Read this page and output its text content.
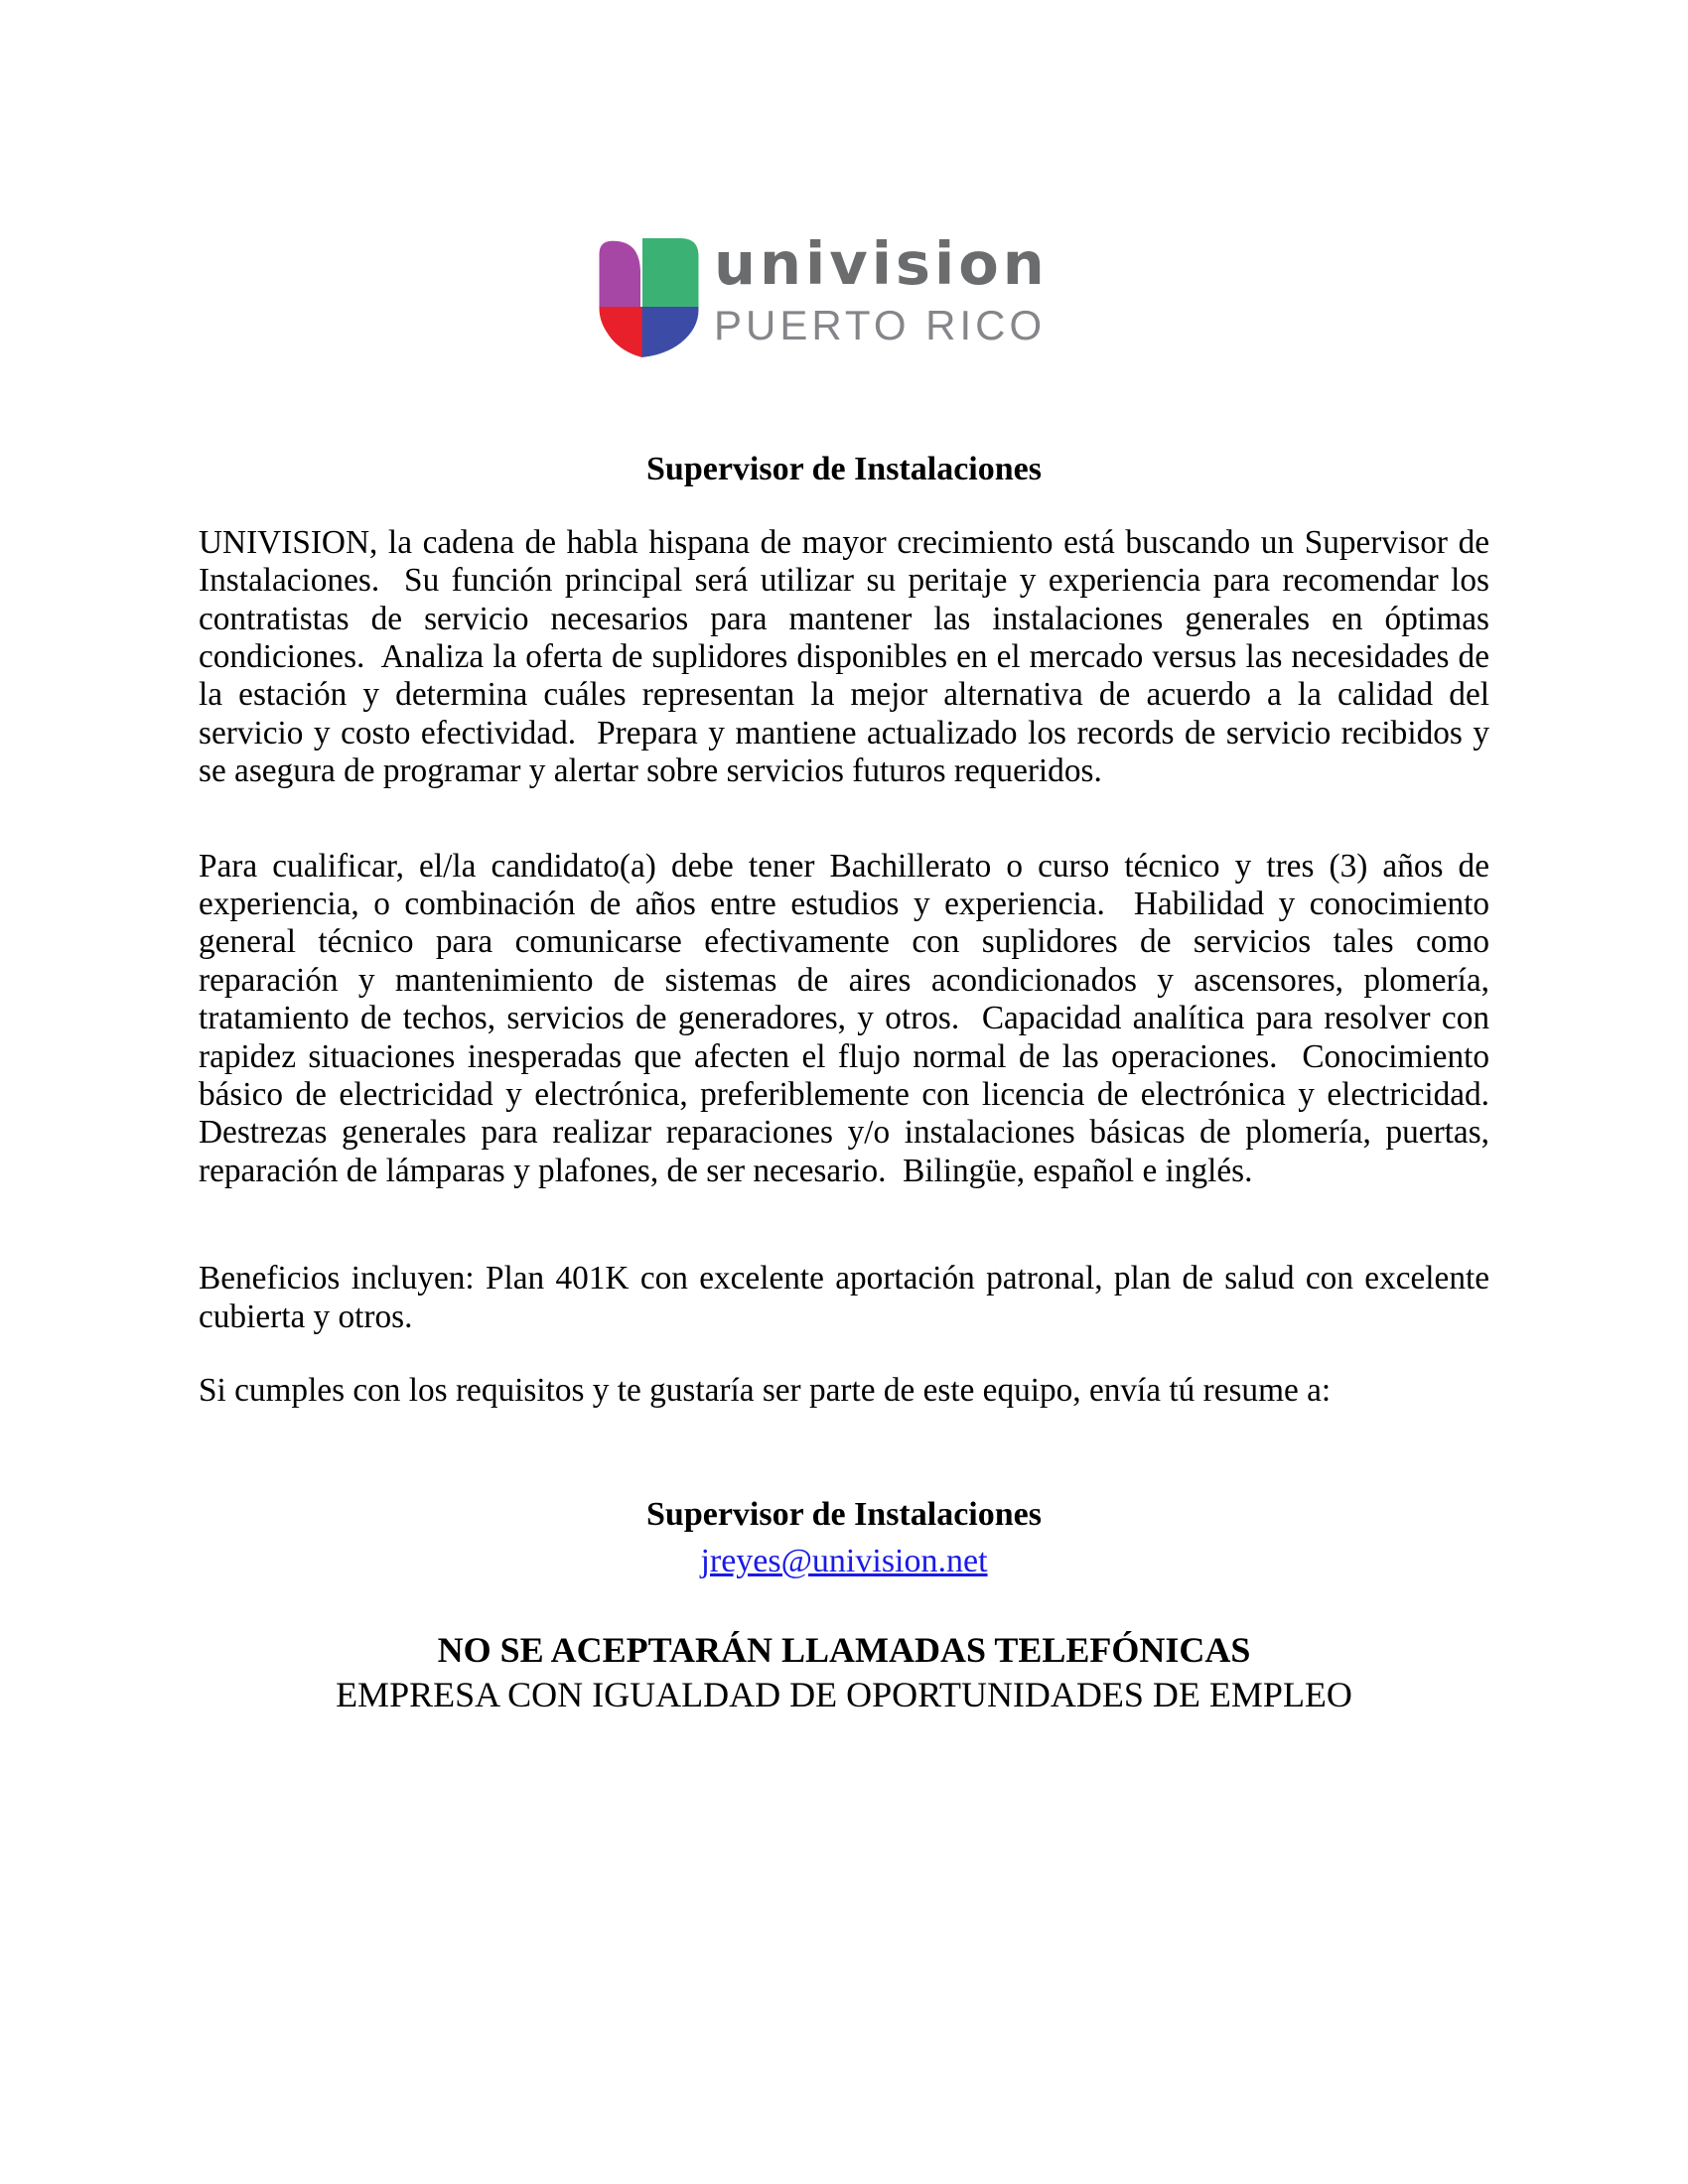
univision
PUERTO RICO
Supervisor de Instalaciones
UNIVISION, la cadena de habla hispana de mayor crecimiento está buscando un Supervisor de Instalaciones.  Su función principal será utilizar su peritaje y experiencia para recomendar los contratistas de servicio necesarios para mantener las instalaciones generales en óptimas condiciones.  Analiza la oferta de suplidores disponibles en el mercado versus las necesidades de la estación y determina cuáles representan la mejor alternativa de acuerdo a la calidad del servicio y costo efectividad.  Prepara y mantiene actualizado los records de servicio recibidos y se asegura de programar y alertar sobre servicios futuros requeridos.
Para cualificar, el/la candidato(a) debe tener Bachillerato o curso técnico y tres (3) años de experiencia, o combinación de años entre estudios y experiencia.  Habilidad y conocimiento general técnico para comunicarse efectivamente con suplidores de servicios tales como reparación y mantenimiento de sistemas de aires acondicionados y ascensores, plomería, tratamiento de techos, servicios de generadores, y otros.  Capacidad analítica para resolver con rapidez situaciones inesperadas que afecten el flujo normal de las operaciones.  Conocimiento básico de electricidad y electrónica, preferiblemente con licencia de electrónica y electricidad.  Destrezas generales para realizar reparaciones y/o instalaciones básicas de plomería, puertas, reparación de lámparas y plafones, de ser necesario.  Bilingüe, español e inglés.
Beneficios incluyen: Plan 401K con excelente aportación patronal, plan de salud con excelente cubierta y otros.
Si cumples con los requisitos y te gustaría ser parte de este equipo, envía tú resume a:
Supervisor de Instalaciones
jreyes@univision.net
NO SE ACEPTARÁN LLAMADAS TELEFÓNICAS
EMPRESA CON IGUALDAD DE OPORTUNIDADES DE EMPLEO
